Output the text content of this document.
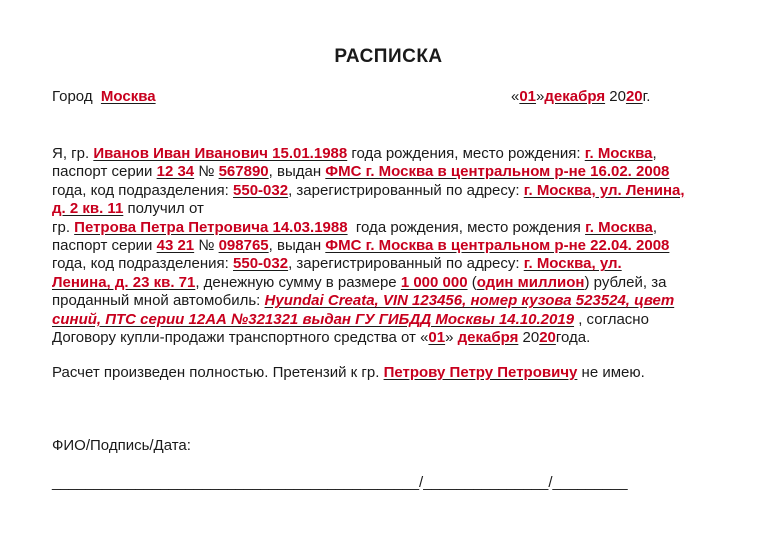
РАСПИСКА
Город Москва	«01»декабря 2020г.
Я, гр. Иванов Иван Иванович 15.01.1988 года рождения, место рождения: г. Москва,
паспорт серии 12 34 № 567890, выдан ФМС г. Москва в центральном р-не 16.02. 2008
года, код подразделения: 550-032, зарегистрированный по адресу: г. Москва, ул. Ленина,
д. 2 кв. 11 получил от
гр. Петрова Петра Петровича 14.03.1988 года рождения, место рождения г. Москва,
паспорт серии 43 21 № 098765, выдан ФМС г. Москва в центральном р-не 22.04. 2008
года, код подразделения: 550-032, зарегистрированный по адресу: г. Москва, ул.
Ленина, д. 23 кв. 71, денежную сумму в размере 1 000 000 (один миллион) рублей, за
проданный мной автомобиль: Hyundai Creata, VIN 123456, номер кузова 523524, цвет
синий, ПТС серии 12АА №321321 выдан ГУ ГИБДД Москвы 14.10.2019 , согласно
Договору купли-продажи транспортного средства от «01» декабря 2020года.
Расчет произведен полностью. Претензий к гр. Петрову Петру Петровичу не имею.
ФИО/Подпись/Дата:
____________________________________________/_______________/_________
